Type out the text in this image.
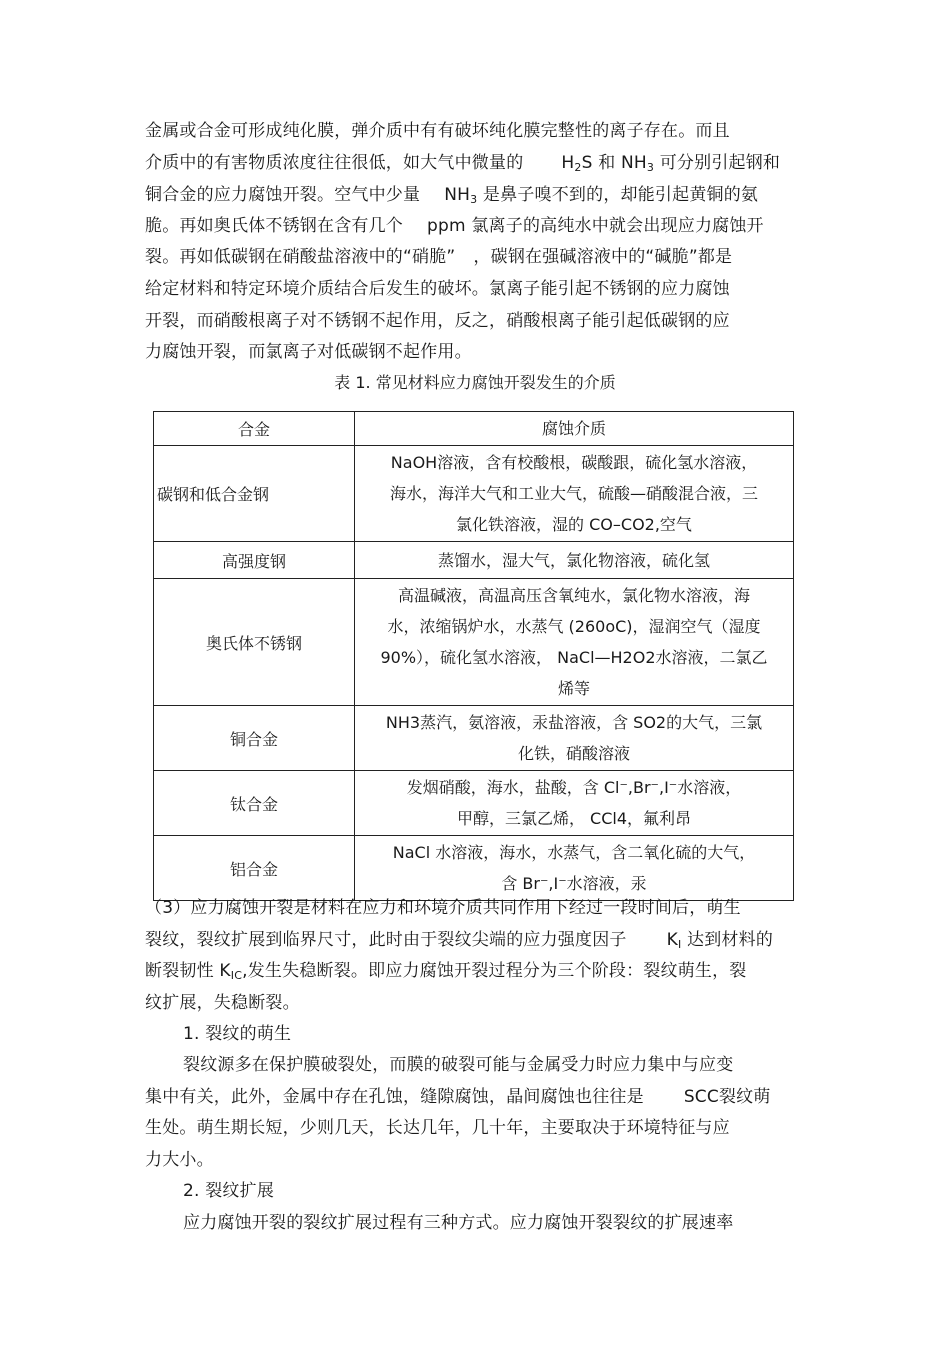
金属或合金可形成纯化膜，弹介质中有有破坏纯化膜完整性的离子存在。而且
介质中的有害物质浓度往往很低，如大气中微量的 $H_2S$ 和 $NH_3$ 可分别引起钢和
铜合金的应力腐蚀开裂。空气中少量 $NH_3$ 是鼻子嗅不到的，却能引起黄铜的氨
脆。再如奥氏体不锈钢在含有几个 ppm 氯离子的高纯水中就会出现应力腐蚀开
裂。再如低碳钢在硝酸盐溶液中的“硝脆” ，碳钢在强碱溶液中的“碱脆”都是
给定材料和特定环境介质结合后发生的破坏。氯离子能引起不锈钢的应力腐蚀
开裂，而硝酸根离子对不锈钢不起作用，反之，硝酸根离子能引起低碳钢的应
力腐蚀开裂，而氯离子对低碳钢不起作用。
表 1. 常见材料应力腐蚀开裂发生的介质
合金	腐蚀介质
碳钢和低合金钢	NaOH溶液，含有校酸根，碳酸跟，硫化氢水溶液，
海水，海洋大气和工业大气，硫酸—硝酸混合液，三
氯化铁溶液，湿的 CO–CO2,空气

高强度钢	蒸馏水，湿大气，氯化物溶液，硫化氢

奥氏体不锈钢	高温碱液，高温高压含氧纯水，氯化物水溶液，海
水，浓缩锅炉水，水蒸气 (260oC)，湿润空气（湿度
90%），硫化氢水溶液， NaCl—H2O2水溶液，二氯乙
烯等

铜合金	NH3蒸汽，氨溶液，汞盐溶液，含 SO2的大气，三氯
化铁，硝酸溶液

钛合金	发烟硝酸，海水，盐酸，含 Cl⁻,Br⁻,I⁻水溶液，
甲醇，三氯乙烯， CCl4，氟利昂

铝合金	NaCl 水溶液，海水，水蒸气，含二氧化硫的大气，
含 Br⁻,I⁻水溶液，汞
（3）应力腐蚀开裂是材料在应力和环境介质共同作用下经过一段时间后，萌生
裂纹，裂纹扩展到临界尺寸，此时由于裂纹尖端的应力强度因子 $K_I$ 达到材料的
断裂韧性 $K_{IC}$,发生失稳断裂。即应力腐蚀开裂过程分为三个阶段：裂纹萌生，裂
纹扩展，失稳断裂。
1. 裂纹的萌生
裂纹源多在保护膜破裂处，而膜的破裂可能与金属受力时应力集中与应变
集中有关，此外，金属中存在孔蚀，缝隙腐蚀，晶间腐蚀也往往是 SCC裂纹萌
生处。萌生期长短，少则几天，长达几年，几十年，主要取决于环境特征与应
力大小。
2. 裂纹扩展
应力腐蚀开裂的裂纹扩展过程有三种方式。应力腐蚀开裂裂纹的扩展速率
